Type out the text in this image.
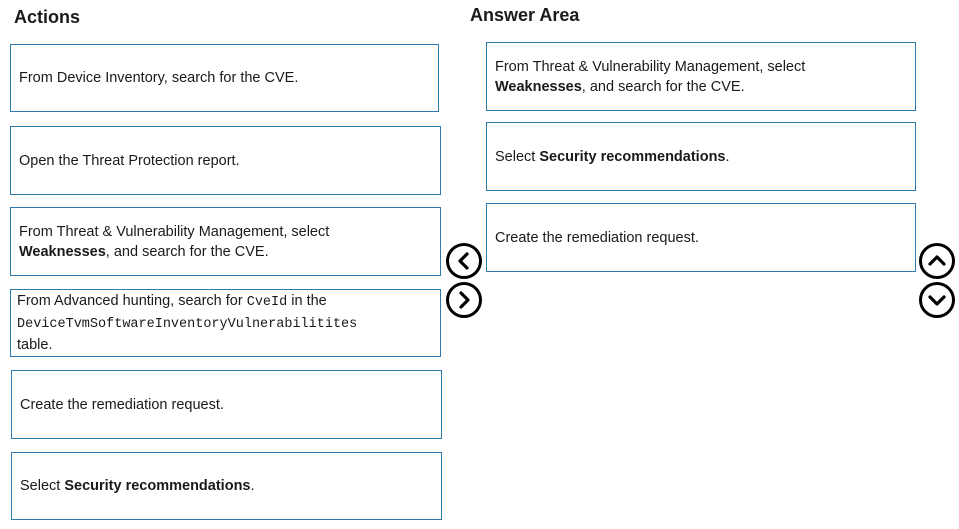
Actions	Answer Area
From Device Inventory, search for the CVE.
Open the Threat Protection report.
From Threat & Vulnerability Management, select
Weaknesses, and search for the CVE.
From Advanced hunting, search for CveId in the
DeviceTvmSoftwareInventoryVulnerabilitites
table.
Create the remediation request.
Select Security recommendations.
From Threat & Vulnerability Management, select
Weaknesses, and search for the CVE.
Select Security recommendations.
Create the remediation request.
